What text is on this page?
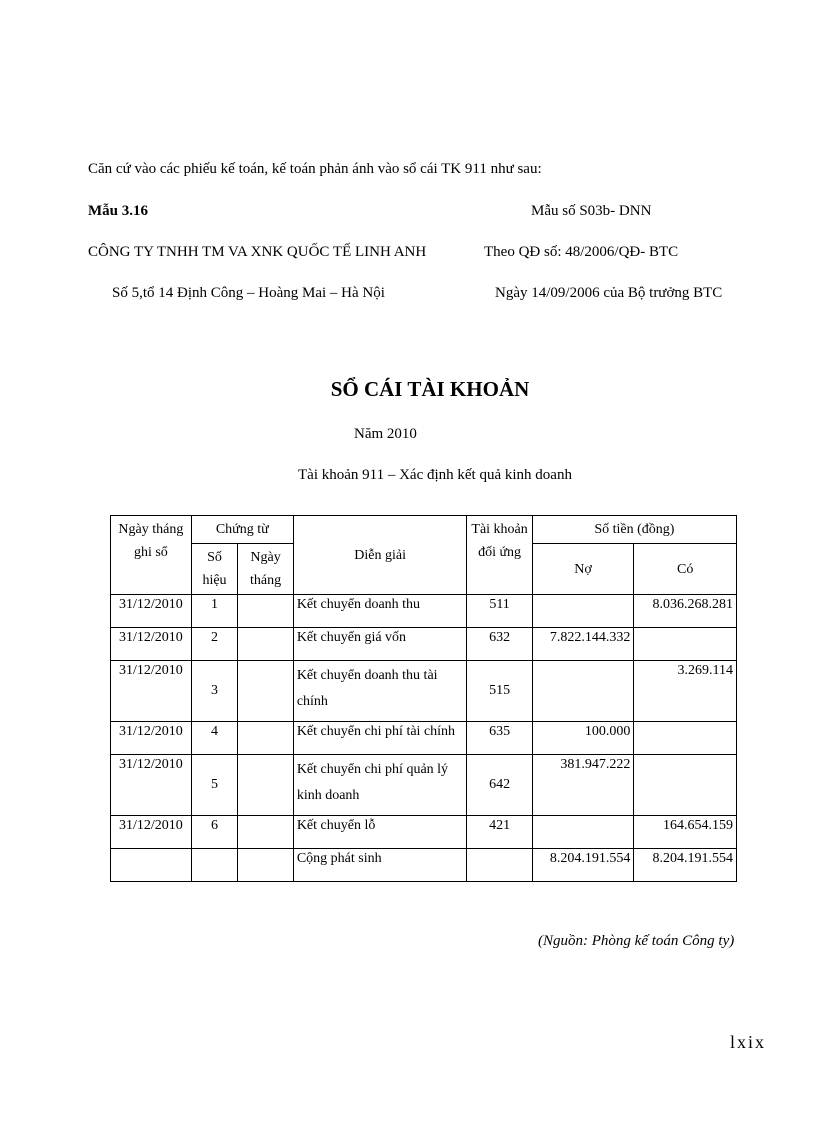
Căn cứ vào các phiếu kế toán, kế toán phản ánh vào sổ cái TK 911 như sau:
Mẫu 3.16	Mẫu số S03b- DNN
CÔNG TY TNHH TM VA XNK QUỐC TẾ LINH ANH	Theo QĐ số: 48/2006/QĐ- BTC
Số 5,tổ 14 Định Công – Hoàng Mai – Hà Nội	Ngày 14/09/2006 của Bộ trưởng BTC
SỔ CÁI TÀI KHOẢN
Năm 2010
Tài khoản 911 – Xác định kết quả kinh doanh
Ngày tháng ghi sổ	Chứng từ		Diễn giải	Tài khoản đối ứng	Số tiền (đồng)	
	Số hiệu	Ngày tháng			Nợ	Có
31/12/2010	1		Kết chuyển doanh thu	511		8.036.268.281
31/12/2010	2		Kết chuyển giá vốn	632	7.822.144.332	
31/12/2010	3		Kết chuyển doanh thu tài chính	515		3.269.114
31/12/2010	4		Kết chuyển chi phí tài chính	635	100.000	
31/12/2010	5		Kết chuyển chi phí quản lý kinh doanh	642	381.947.222	
31/12/2010	6		Kết chuyển lỗ	421		164.654.159
			Cộng phát sinh		8.204.191.554	8.204.191.554
(Nguồn: Phòng kế toán Công ty)
lxix
